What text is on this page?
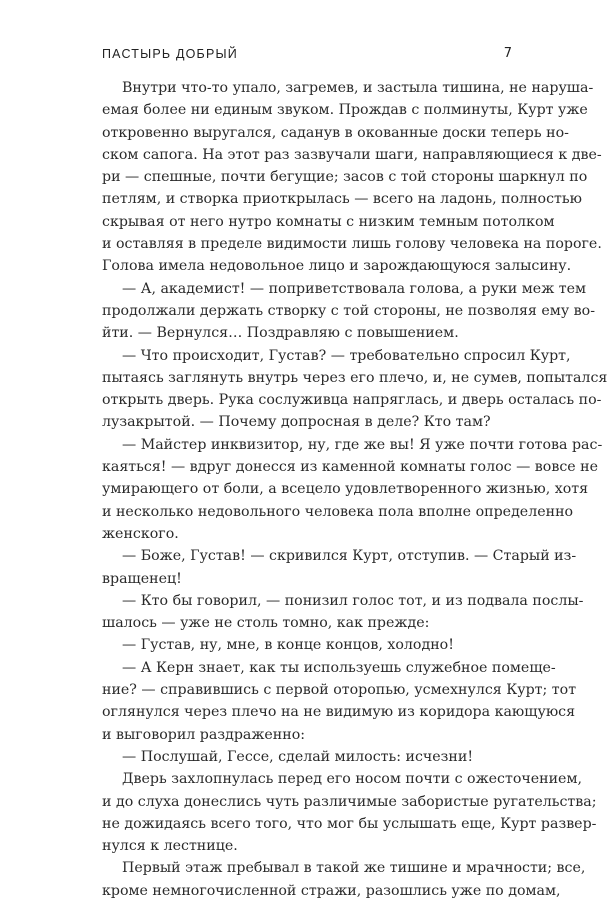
ПАСТЫРЬ ДОБРЫЙ	7
Внутри что-то упало, загремев, и застыла тишина, не наруша-
емая более ни единым звуком. Прождав с полминуты, Курт уже
откровенно выругался, саданув в окованные доски теперь но-
ском сапога. На этот раз зазвучали шаги, направляющиеся к две-
ри — спешные, почти бегущие; засов с той стороны шаркнул по
петлям, и створка приоткрылась — всего на ладонь, полностью
скрывая от него нутро комнаты с низким темным потолком
и оставляя в пределе видимости лишь голову человека на пороге.
Голова имела недовольное лицо и зарождающуюся залысину.
— А, академист! — поприветствовала голова, а руки меж тем
продолжали держать створку с той стороны, не позволяя ему во-
йти. — Вернулся… Поздравляю с повышением.
— Что происходит, Густав? — требовательно спросил Курт,
пытаясь заглянуть внутрь через его плечо, и, не сумев, попытался
открыть дверь. Рука сослуживца напряглась, и дверь осталась по-
лузакрытой. — Почему допросная в деле? Кто там?
— Майстер инквизитор, ну, где же вы! Я уже почти готова рас-
каяться! — вдруг донесся из каменной комнаты голос — вовсе не
умирающего от боли, а всецело удовлетворенного жизнью, хотя
и несколько недовольного человека пола вполне определенно
женского.
— Боже, Густав! — скривился Курт, отступив. — Старый из-
вращенец!
— Кто бы говорил, — понизил голос тот, и из подвала послы-
шалось — уже не столь томно, как прежде:
— Густав, ну, мне, в конце концов, холодно!
— А Керн знает, как ты используешь служебное помеще-
ние? — справившись с первой оторопью, усмехнулся Курт; тот
оглянулся через плечо на не видимую из коридора кающуюся
и выговорил раздраженно:
— Послушай, Гессе, сделай милость: исчезни!
Дверь захлопнулась перед его носом почти с ожесточением,
и до слуха донеслись чуть различимые забористые ругательства;
не дожидаясь всего того, что мог бы услышать еще, Курт развер-
нулся к лестнице.
Первый этаж пребывал в такой же тишине и мрачности; все,
кроме немногочисленной стражи, разошлись уже по домам,
